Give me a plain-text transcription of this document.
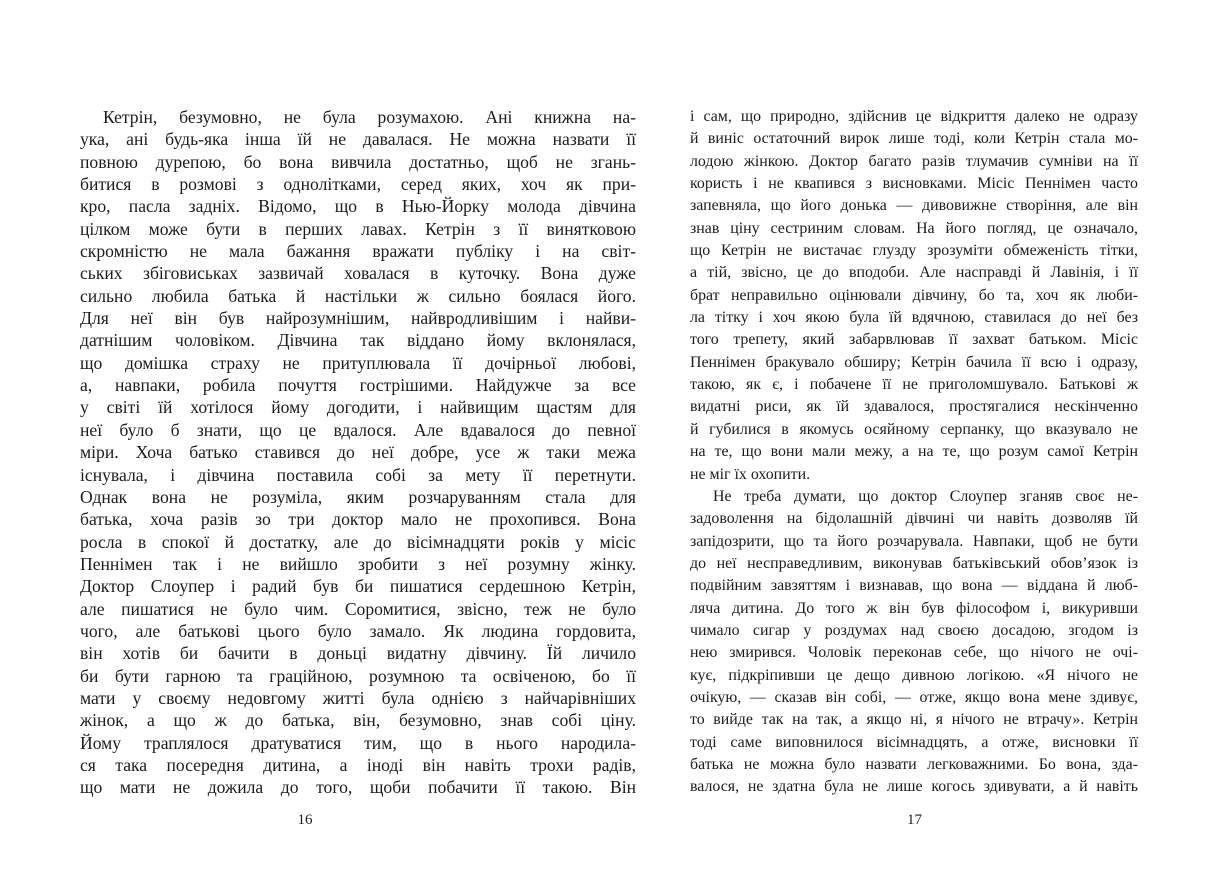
Кетрін, безумовно, не була розумахою. Ані книжна на-
ука, ані будь-яка інша їй не давалася. Не можна назвати її
повною дурепою, бо вона вивчила достатньо, щоб не згань-
битися в розмові з однолітками, серед яких, хоч як при-
кро, пасла задніх. Відомо, що в Нью-Йорку молода дівчина
цілком може бути в перших лавах. Кетрін з її винятковою
скромністю не мала бажання вражати публіку і на світ-
ських збіговиськах зазвичай ховалася в куточку. Вона дуже
сильно любила батька й настільки ж сильно боялася його.
Для неї він був найрозумнішим, найвродливішим і найви-
датнішим чоловіком. Дівчина так віддано йому вклонялася,
що домішка страху не притуплювала її дочірньої любові,
а, навпаки, робила почуття гострішими. Найдужче за все
у світі їй хотілося йому догодити, і найвищим щастям для
неї було б знати, що це вдалося. Але вдавалося до певної
міри. Хоча батько ставився до неї добре, усе ж таки межа
існувала, і дівчина поставила собі за мету її перетнути.
Однак вона не розуміла, яким розчаруванням стала для
батька, хоча разів зо три доктор мало не прохопився. Вона
росла в спокої й достатку, але до вісімнадцяти років у місіс
Пеннімен так і не вийшло зробити з неї розумну жінку.
Доктор Слоупер і радий був би пишатися сердешною Кетрін,
але пишатися не було чим. Соромитися, звісно, теж не було
чого, але батькові цього було замало. Як людина гордовита,
він хотів би бачити в доньці видатну дівчину. Їй личило
би бути гарною та граційною, розумною та освіченою, бо її
мати у своєму недовгому житті була однією з найчарівніших
жінок, а що ж до батька, він, безумовно, знав собі ціну.
Йому траплялося дратуватися тим, що в нього народила-
ся така посередня дитина, а іноді він навіть трохи радів,
що мати не дожила до того, щоби побачити її такою. Він
і сам, що природно, здійснив це відкриття далеко не одразу
й виніс остаточний вирок лише тоді, коли Кетрін стала мо-
лодою жінкою. Доктор багато разів тлумачив сумніви на її
користь і не квапився з висновками. Місіс Пеннімен часто
запевняла, що його донька — дивовижне створіння, але він
знав ціну сестриним словам. На його погляд, це означало,
що Кетрін не вистачає глузду зрозуміти обмеженість тітки,
а тій, звісно, це до вподоби. Але насправді й Лавінія, і її
брат неправильно оцінювали дівчину, бо та, хоч як люби-
ла тітку і хоч якою була їй вдячною, ставилася до неї без
того трепету, який забарвлював її захват батьком. Місіс
Пеннімен бракувало обширу; Кетрін бачила її всю і одразу,
такою, як є, і побачене її не приголомшувало. Батькові ж
видатні риси, як їй здавалося, простягалися нескінченно
й губилися в якомусь осяйному серпанку, що вказувало не
на те, що вони мали межу, а на те, що розум самої Кетрін
не міг їх охопити.
Не треба думати, що доктор Слоупер зганяв своє не-
задоволення на бідолашній дівчині чи навіть дозволяв їй
запідозрити, що та його розчарувала. Навпаки, щоб не бути
до неї несправедливим, виконував батьківський обов’язок із
подвійним завзяттям і визнавав, що вона — віддана й люб-
ляча дитина. До того ж він був філософом і, викуривши
чимало сигар у роздумах над своєю досадою, згодом із
нею змирився. Чоловік переконав себе, що нічого не очі-
кує, підкріпивши це дещо дивною логікою. «Я нічого не
очікую, — сказав він собі, — отже, якщо вона мене здивує,
то вийде так на так, а якщо ні, я нічого не втрачу». Кетрін
тоді саме виповнилося вісімнадцять, а отже, висновки її
батька не можна було назвати легковажними. Бо вона, зда-
валося, не здатна була не лише когось здивувати, а й навіть
16	17
